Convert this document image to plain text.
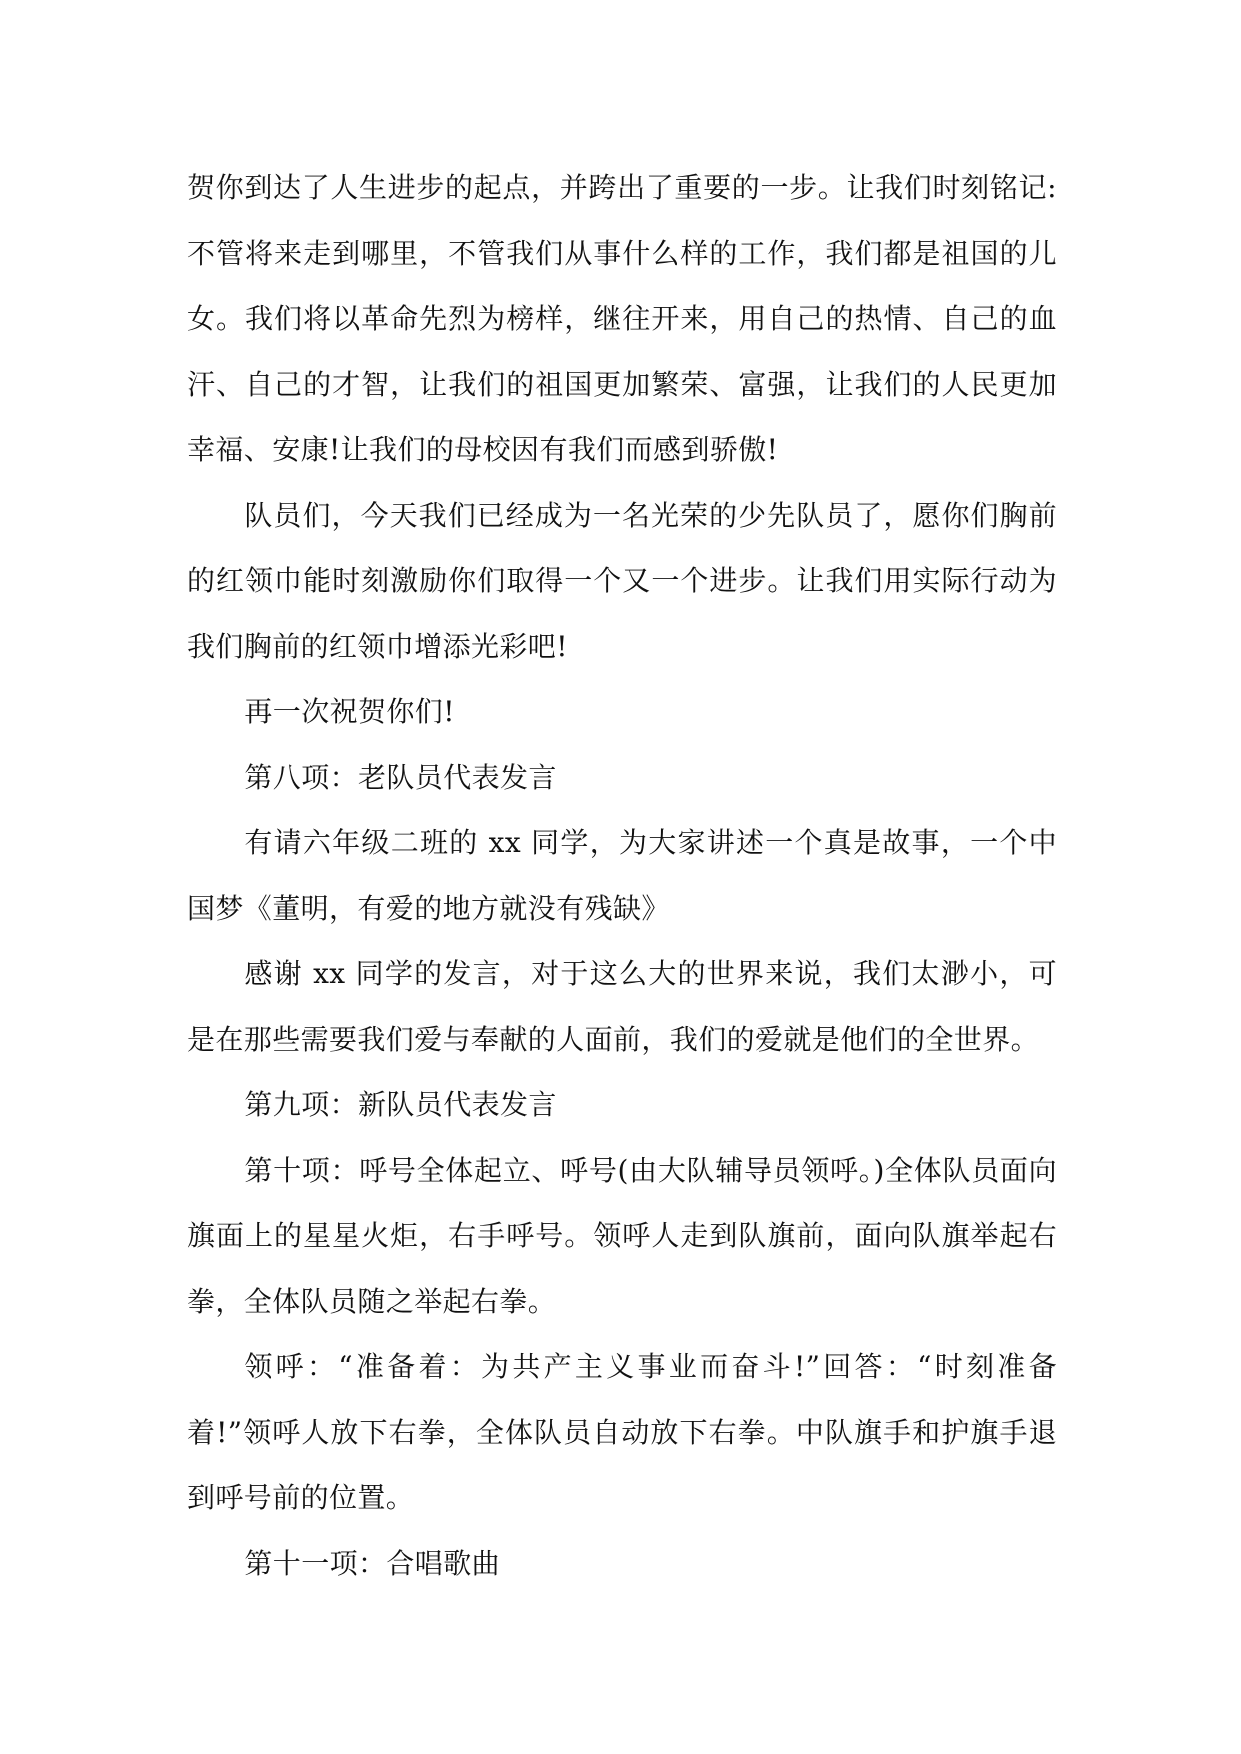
贺你到达了人生进步的起点，并跨出了重要的一步。让我们时刻铭记:不管将来走到哪里，不管我们从事什么样的工作，我们都是祖国的儿女。我们将以革命先烈为榜样，继往开来，用自己的热情、自己的血汗、自己的才智，让我们的祖国更加繁荣、富强，让我们的人民更加幸福、安康!让我们的母校因有我们而感到骄傲!

队员们，今天我们已经成为一名光荣的少先队员了，愿你们胸前的红领巾能时刻激励你们取得一个又一个进步。让我们用实际行动为我们胸前的红领巾增添光彩吧!

再一次祝贺你们!

第八项：老队员代表发言

有请六年级二班的 xx 同学，为大家讲述一个真是故事，一个中国梦《董明，有爱的地方就没有残缺》

感谢 xx 同学的发言，对于这么大的世界来说，我们太渺小，可是在那些需要我们爱与奉献的人面前，我们的爱就是他们的全世界。

第九项：新队员代表发言

第十项：呼号全体起立、呼号(由大队辅导员领呼。)全体队员面向旗面上的星星火炬，右手呼号。领呼人走到队旗前，面向队旗举起右拳，全体队员随之举起右拳。

领呼：“准备着：为共产主义事业而奋斗!”回答：“时刻准备着!”领呼人放下右拳，全体队员自动放下右拳。中队旗手和护旗手退到呼号前的位置。

第十一项：合唱歌曲
